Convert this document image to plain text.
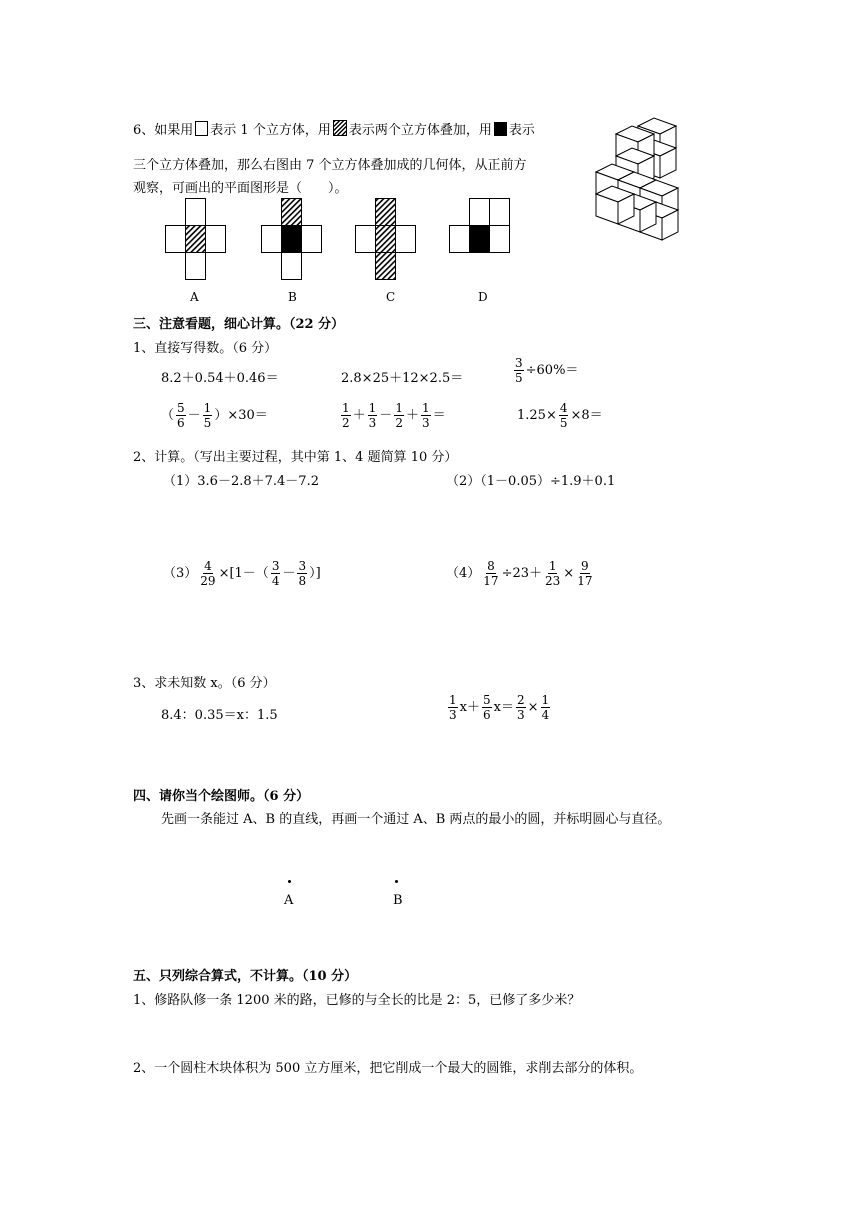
6、如果用 表示 1 个立方体，用 表示两个立方体叠加，用 表示
三个立方体叠加，那么右图由 7 个立方体叠加成的几何体，从正前方
观察，可画出的平面图形是（　　）。
A	B	C	D
三、注意看题，细心计算。（22 分）
1、直接写得数。（6 分）
8.2＋0.54＋0.46＝	2.8×25＋12×2.5＝	$\frac{3}{5} \div 60\%=$
（ $\frac{5}{6} - \frac{1}{5} )\times 30=$	$\frac{1}{2} + \frac{1}{3} - \frac{1}{2} + \frac{1}{3}$ ＝	$1.25\times \frac{4}{5} \times 8=$
2、计算。（写出主要过程，其中第 1、4 题简算 10 分）
（1）3.6－2.8＋7.4－7.2	（2）（1－0.05）÷1.9＋0.1
$(3) \frac{4}{29} \times[1-( \frac{3}{4} - \frac{3}{8}$ ）]	$(4) \frac{8}{17} \div 23+ \frac{1}{23} \times \frac{9}{17}$
3、求未知数 x。（6 分）
8.4：0.35＝x：1.5	$\frac{1}{3} x+ \frac{5}{6} x= \frac{2}{3} \times \frac{1}{4}$
四、请你当个绘图师。（6 分）
先画一条能过 A、B 的直线，再画一个通过 A、B 两点的最小的圆，并标明圆心与直径。
A	B
五、只列综合算式，不计算。（10 分）
1、修路队修一条 1200 米的路，已修的与全长的比是 2：5，已修了多少米？
2、一个圆柱木块体积为 500 立方厘米，把它削成一个最大的圆锥，求削去部分的体积。
